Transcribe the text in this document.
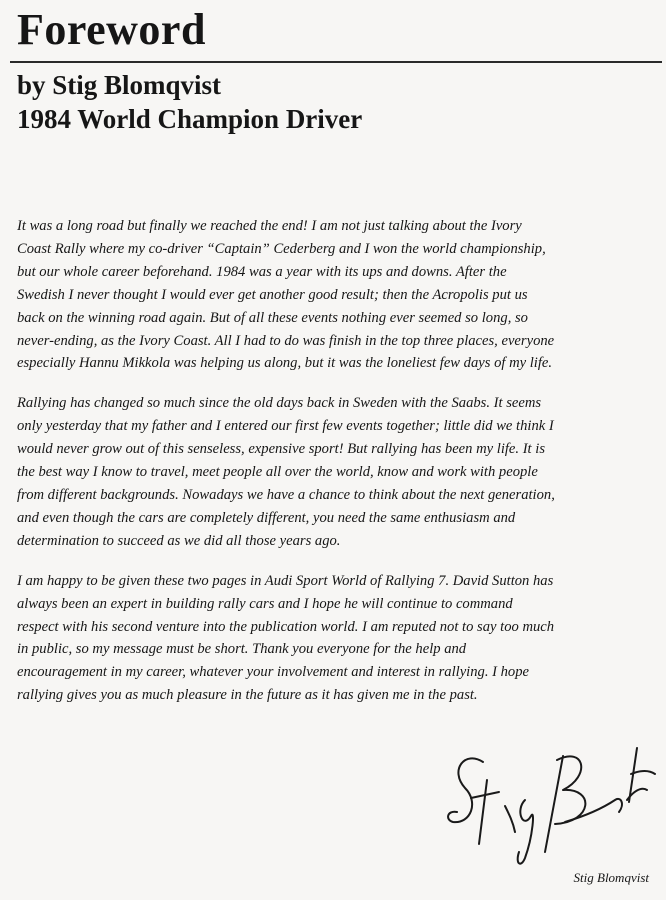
Foreword
by Stig Blomqvist
1984 World Champion Driver

It was a long road but finally we reached the end! I am not just talking about the Ivory Coast Rally where my co-driver “Captain” Cederberg and I won the world championship, but our whole career beforehand. 1984 was a year with its ups and downs. After the Swedish I never thought I would ever get another good result; then the Acropolis put us back on the winning road again. But of all these events nothing ever seemed so long, so never-ending, as the Ivory Coast. All I had to do was finish in the top three places, everyone especially Hannu Mikkola was helping us along, but it was the loneliest few days of my life.

Rallying has changed so much since the old days back in Sweden with the Saabs. It seems only yesterday that my father and I entered our first few events together; little did we think I would never grow out of this senseless, expensive sport! But rallying has been my life. It is the best way I know to travel, meet people all over the world, know and work with people from different backgrounds. Nowadays we have a chance to think about the next generation, and even though the cars are completely different, you need the same enthusiasm and determination to succeed as we did all those years ago.

I am happy to be given these two pages in Audi Sport World of Rallying 7. David Sutton has always been an expert in building rally cars and I hope he will continue to command respect with his second venture into the publication world. I am reputed not to say too much in public, so my message must be short. Thank you everyone for the help and encouragement in my career, whatever your involvement and interest in rallying. I hope rallying gives you as much pleasure in the future as it has given me in the past.

Stig Blomqvist
